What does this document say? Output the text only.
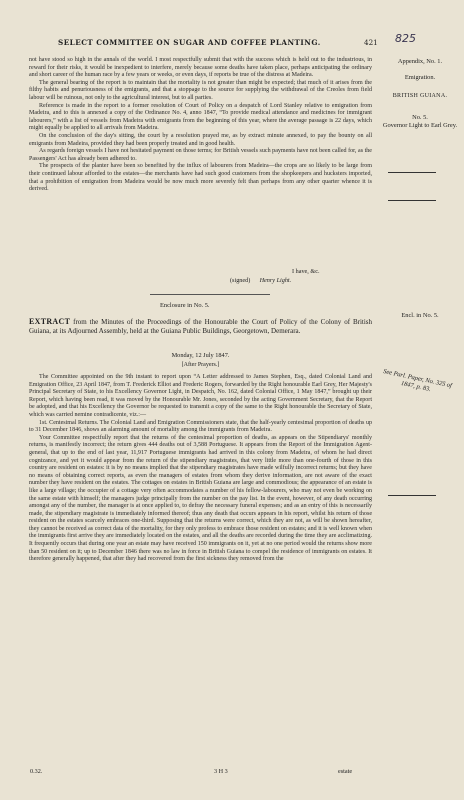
SELECT COMMITTEE ON SUGAR AND COFFEE PLANTING.	421 825
Appendix, No. 1.
Emigration.
BRITISH GUIANA.
No. 5.
Governor Light to Earl Grey.
Encl. in No. 5.
See Parl. Paper, No. 325 of 1847, p. 83.

not have stood so high in the annals of the world. I most respectfully submit that with the success which is held out to the industrious, in reward for their risks, it would be inexpedient to interfere, merely because some deaths have taken place, perhaps anticipating the ordinary and short career of the human race by a few years or weeks, or even days, if reports be true of the distress at Madeira.

The general bearing of the report is to maintain that the mortality is not greater than might be expected; that much of it arises from the filthy habits and penuriousness of the emigrants, and that a stoppage to the source for supplying the withdrawal of the Creoles from field labour will be ruinous, not only to the agricultural interest, but to all parties.

Reference is made in the report to a former resolution of Court of Policy on a despatch of Lord Stanley relative to emigration from Madeira, and to this is annexed a copy of the Ordinance No. 4, anno 1847, “To provide medical attendance and medicines for immigrant labourers,” with a list of vessels from Madeira with emigrants from the beginning of this year, where the average passage is 22 days, which might equally be applied to all arrivals from Madeira.

On the conclusion of the day's sitting, the court by a resolution prayed me, as by extract minute annexed, to pay the bounty on all emigrants from Madeira, provided they had been properly treated and in good health.

As regards foreign vessels I have not hesitated payment on those terms; for British vessels such payments have not been called for, as the Passengers' Act has already been adhered to.

The prospects of the planter have been so benefited by the influx of labourers from Madeira—the crops are so likely to be large from their continued labour afforded to the estates—the merchants have had such good customers from the shopkeepers and hucksters imported, that a prohibition of emigration from Madeira would be now much more severely felt than perhaps from any other quarter whence it is derived.

I have, &c.
(signed) Henry Light.
Enclosure in No. 5.
EXTRACT from the Minutes of the Proceedings of the Honourable the Court of Policy of the Colony of British Guiana, at its Adjourned Assembly, held at the Guiana Public Buildings, Georgetown, Demerara.
Monday, 12 July 1847.
[After Prayers.]

The Committee appointed on the 9th instant to report upon “A Letter addressed to James Stephen, Esq., dated Colonial Land and Emigration Office, 23 April 1847, from T. Frederick Elliot and Frederic Rogers, forwarded by the Right honourable Earl Grey, Her Majesty's Principal Secretary of State, to his Excellency Governor Light, in Despatch, No. 162, dated Colonial Office, 1 May 1847,” brought up their Report, which having been read, it was moved by the Honourable Mr. Jones, seconded by the acting Government Secretary, that the Report be adopted, and that his Excellency the Governor be requested to transmit a copy of the same to the Right honourable the Secretary of State, which was carried nemine contradicente, viz.:—

1st. Centesimal Returns. The Colonial Land and Emigration Commissioners state, that the half-yearly centesimal proportion of deaths up to 31 December 1846, shows an alarming amount of mortality among the immigrants from Madeira.

Your Committee respectfully report that the returns of the centesimal proportion of deaths, as appears on the Stipendiarys' monthly returns, is manifestly incorrect; the return gives 444 deaths out of 3,588 Portuguese. It appears from the Report of the Immigration Agent-general, that up to the end of last year, 11,917 Portuguese immigrants had arrived in this colony from Madeira, of whom he had direct cognizance, and yet it would appear from the return of the stipendiary magistrates, that very little more than one-fourth of those in this country are resident on estates: it is by no means implied that the stipendiary magistrates have made wilfully incorrect returns; but they have no means of obtaining correct reports, as even the managers of estates from whom they derive information, are not aware of the exact number they have resident on the estates. The cottages on estates in British Guiana are large and commodious; the appearance of an estate is like a large village; the occupier of a cottage very often accommodates a number of his fellow-labourers, who may not even be working on the same estate with himself; the managers judge principally from the number on the pay list. In the event, however, of any death occurring amongst any of the number, the manager is at once applied to, to defray the necessary funeral expenses; and as an entry of this is necessarily made, the stipendiary magistrate is immediately informed thereof; thus any death that occurs appears in his report, whilst his return of those resident on the estates scarcely embraces one-third. Supposing that the returns were correct, which they are not, as will be shown hereafter, they cannot be received as correct data of the mortality, for they only profess to embrace those resident on estates; and it is well known when the immigrants first arrive they are immediately located on the estates, and all the deaths are recorded during the time they are acclimatizing. It frequently occurs that during one year an estate may have received 150 immigrants on it, yet at no one period would the returns show more than 50 resident on it; up to December 1846 there was no law in force in British Guiana to compel the residence of immigrants on estates. It therefore generally happened, that after they had recovered from the first sickness they removed from the

0.32.	3 H 3	estate
